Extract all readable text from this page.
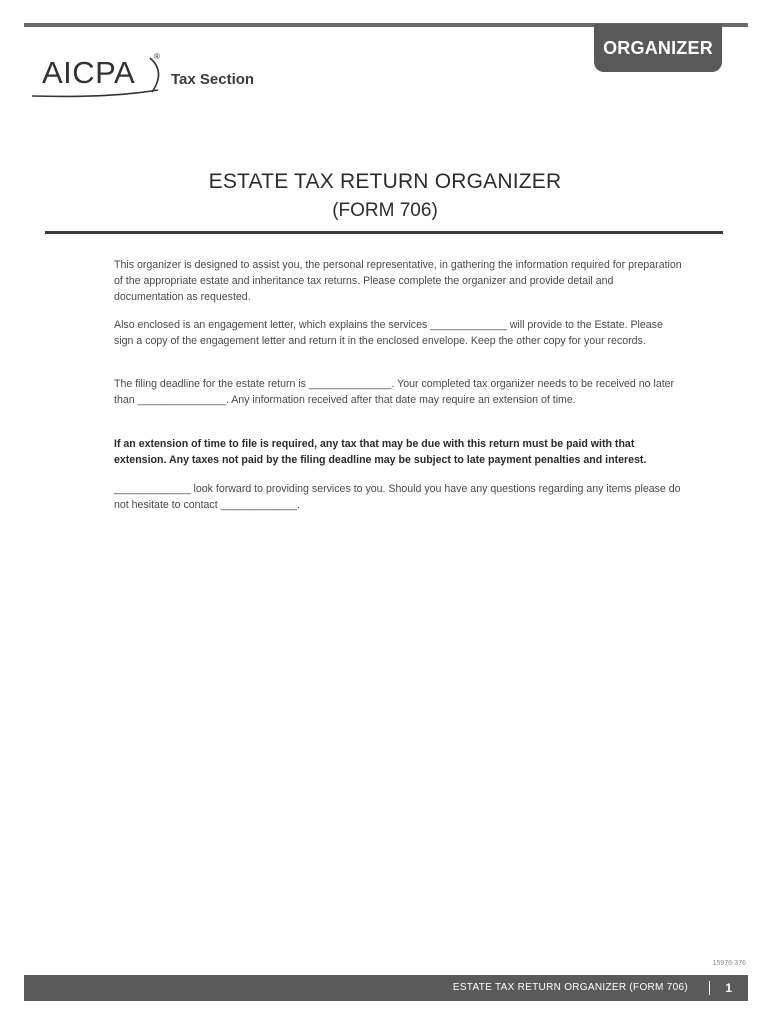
ORGANIZER
AICPA ®
Tax Section
ESTATE TAX RETURN ORGANIZER
(FORM 706)
This organizer is designed to assist you, the personal representative, in gathering the information required for preparation of the appropriate estate and inheritance tax returns. Please complete the organizer and provide detail and documentation as requested.
Also enclosed is an engagement letter, which explains the services _____________ will provide to the Estate. Please sign a copy of the engagement letter and return it in the enclosed envelope. Keep the other copy for your records.
The filing deadline for the estate return is ______________. Your completed tax organizer needs to be received no later than _______________. Any information received after that date may require an extension of time.
If an extension of time to file is required, any tax that may be due with this return must be paid with that extension. Any taxes not paid by the filing deadline may be subject to late payment penalties and interest.
_____________ look forward to providing services to you. Should you have any questions regarding any items please do not hesitate to contact _____________.
15976-376
ESTATE TAX RETURN ORGANIZER (FORM 706)	1
